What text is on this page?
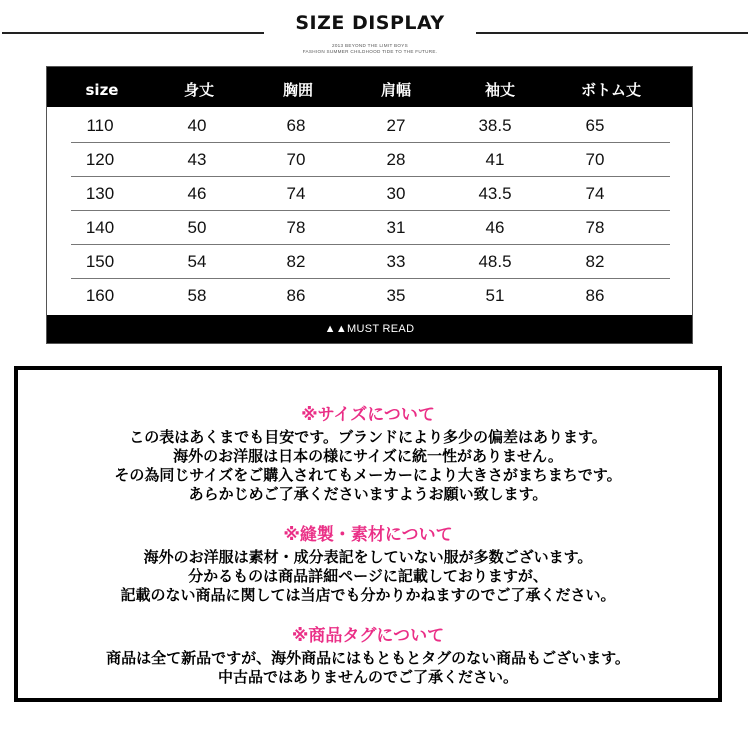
SIZE DISPLAY
2013 BEYOND THE LIMIT BOYS
FASHION SUMMER CHILDHOOD TIDE TO THE FUTURE.
size	身丈	胸囲	肩幅	袖丈	ボトム丈
110	40	68	27	38.5	65
120	43	70	28	41	70
130	46	74	30	43.5	74
140	50	78	31	46	78
150	54	82	33	48.5	82
160	58	86	35	51	86
▲▲MUST READ
※サイズについて
この表はあくまでも目安です。ブランドにより多少の偏差はあります。
海外のお洋服は日本の様にサイズに統一性がありません。
その為同じサイズをご購入されてもメーカーにより大きさがまちまちです。
あらかじめご了承くださいますようお願い致します。
※縫製・素材について
海外のお洋服は素材・成分表記をしていない服が多数ございます。
分かるものは商品詳細ページに記載しておりますが、
記載のない商品に関しては当店でも分かりかねますのでご了承ください。
※商品タグについて
商品は全て新品ですが、海外商品にはもともとタグのない商品もございます。
中古品ではありませんのでご了承ください。
